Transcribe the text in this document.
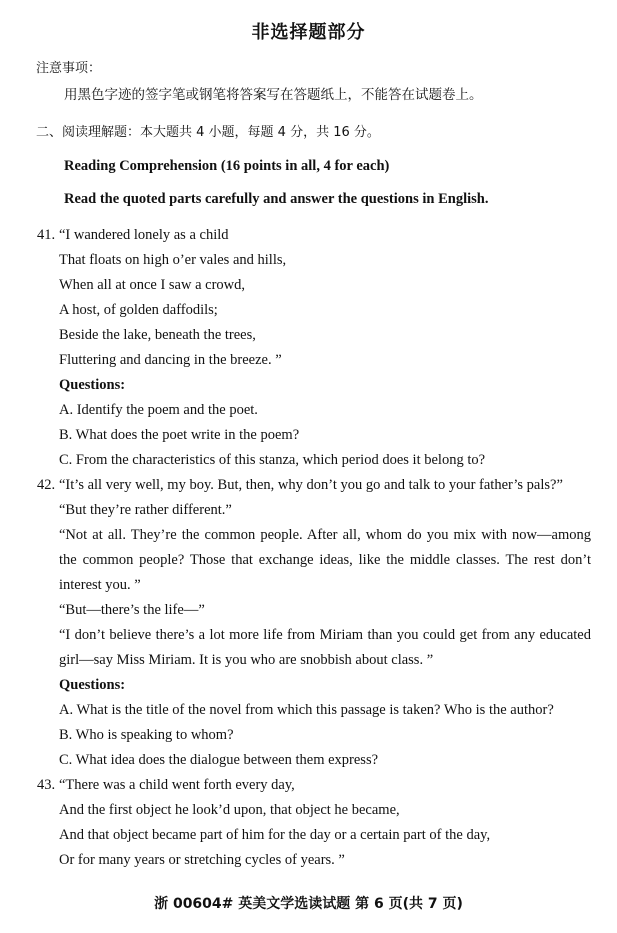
非选择题部分
注意事项：
用黑色字迹的签字笔或钢笔将答案写在答题纸上，不能答在试题卷上。
二、阅读理解题：本大题共 4 小题，每题 4 分，共 16 分。
Reading Comprehension (16 points in all, 4 for each)
Read the quoted parts carefully and answer the questions in English.
41. “I wandered lonely as a child
That floats on high o’er vales and hills,
When all at once I saw a crowd,
A host, of golden daffodils;
Beside the lake, beneath the trees,
Fluttering and dancing in the breeze. ”
Questions:
A. Identify the poem and the poet.
B. What does the poet write in the poem?
C. From the characteristics of this stanza, which period does it belong to?
42. “It’s all very well, my boy. But, then, why don’t you go and talk to your father’s pals?”
“But they’re rather different.”
“Not at all. They’re the common people. After all, whom do you mix with now—among
the common people? Those that exchange ideas, like the middle classes. The rest don’t
interest you. ”
“But—there’s the life—”
“I don’t believe there’s a lot more life from Miriam than you could get from any educated
girl—say Miss Miriam. It is you who are snobbish about class. ”
Questions:
A. What is the title of the novel from which this passage is taken? Who is the author?
B. Who is speaking to whom?
C. What idea does the dialogue between them express?
43. “There was a child went forth every day,
And the first object he look’d upon, that object he became,
And that object became part of him for the day or a certain part of the day,
Or for many years or stretching cycles of years. ”
浙 00604# 英美文学选读试题 第 6 页(共 7 页)
